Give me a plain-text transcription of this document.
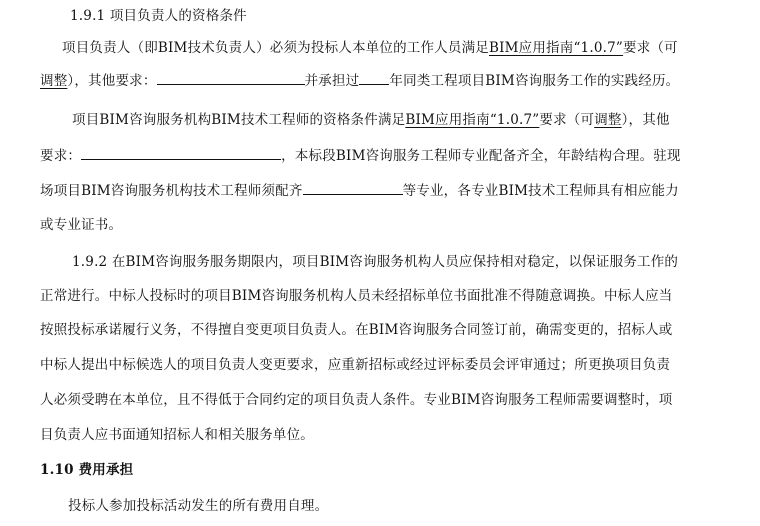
1.9.1 项目负责人的资格条件
项目负责人（即BIM技术负责人）必须为投标人本单位的工作人员满足BIM应用指南“1.0.7”要求（可
调整），其他要求：	并承担过 年同类工程项目BIM咨询服务工作的实践经历。
项目BIM咨询服务机构BIM技术工程师的资格条件满足BIM应用指南“1.0.7”要求（可调整），其他
要求：	，本标段BIM咨询服务工程师专业配备齐全，年龄结构合理。驻现
场项目BIM咨询服务机构技术工程师须配齐	等专业，各专业BIM技术工程师具有相应能力
或专业证书。
1.9.2 在BIM咨询服务服务期限内，项目BIM咨询服务机构人员应保持相对稳定，以保证服务工作的
正常进行。中标人投标时的项目BIM咨询服务机构人员未经招标单位书面批准不得随意调换。中标人应当
按照投标承诺履行义务，不得擅自变更项目负责人。在BIM咨询服务合同签订前，确需变更的，招标人或
中标人提出中标候选人的项目负责人变更要求，应重新招标或经过评标委员会评审通过；所更换项目负责
人必须受聘在本单位，且不得低于合同约定的项目负责人条件。专业BIM咨询服务工程师需要调整时，项
目负责人应书面通知招标人和相关服务单位。
1.10 费用承担
投标人参加投标活动发生的所有费用自理。
